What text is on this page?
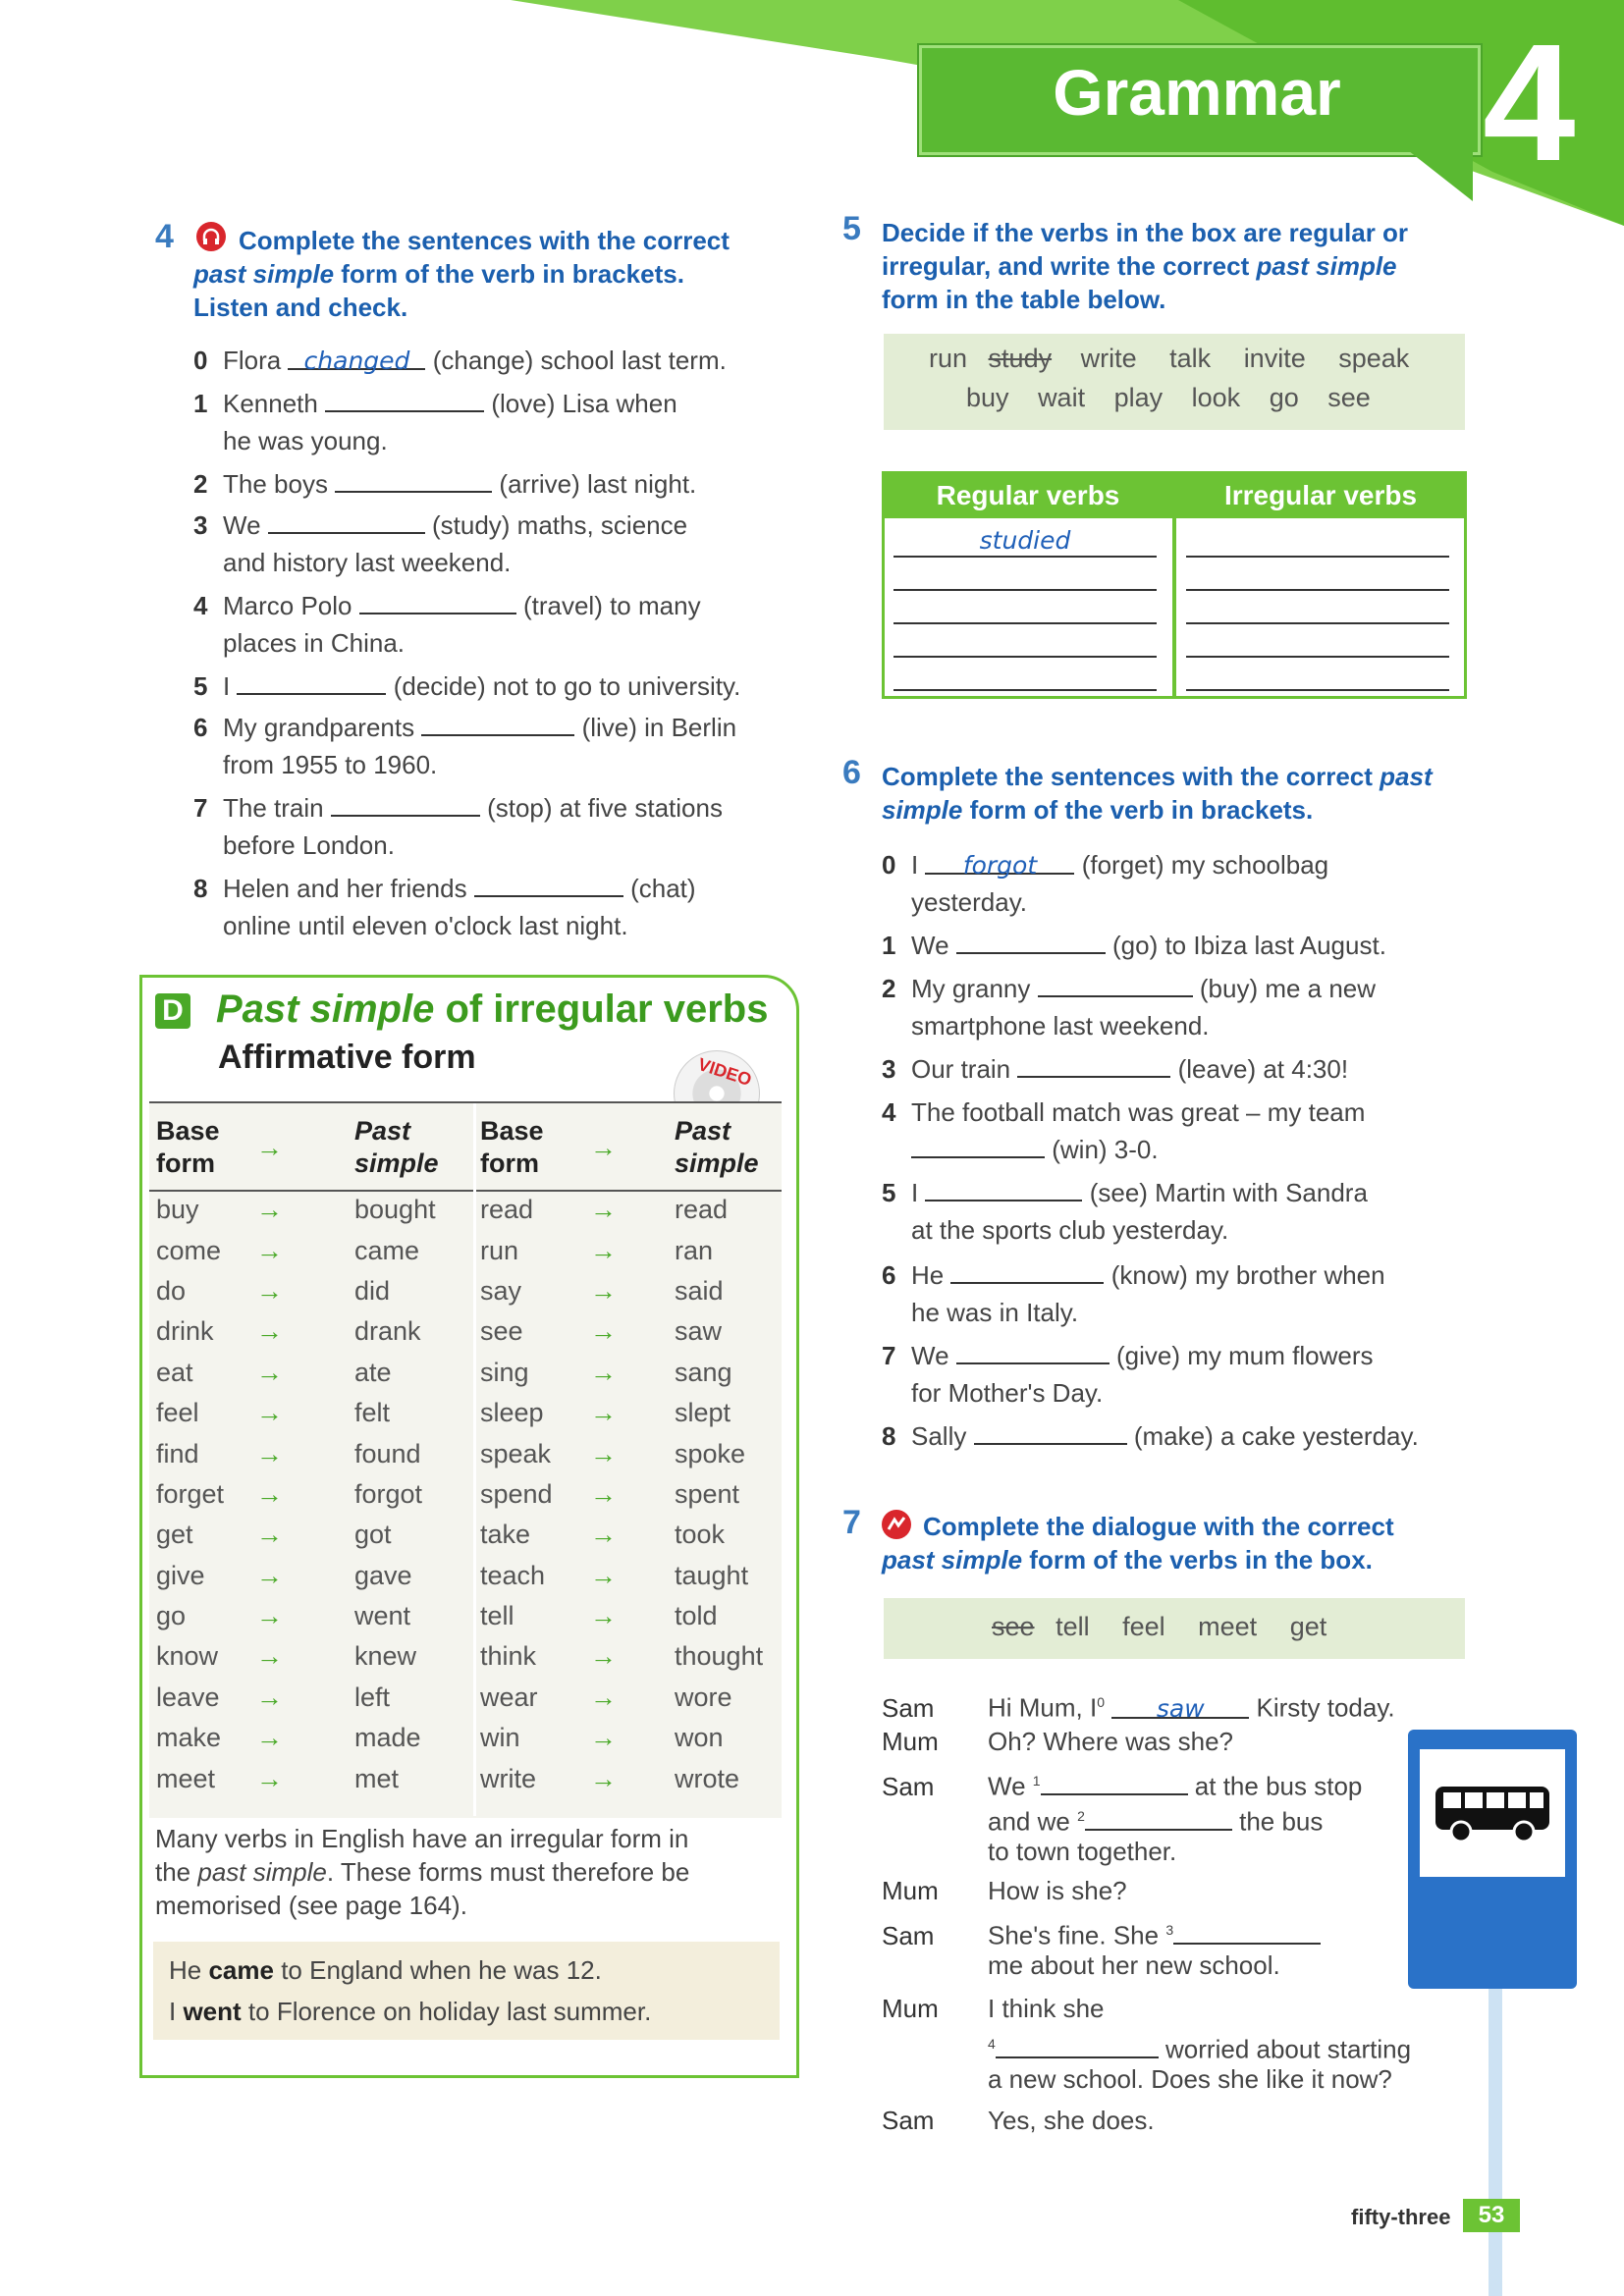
Grammar 4
4	Complete the sentences with the correct
past simple form of the verb in brackets.
Listen and check.
0 Flora changed (change) school last term.
1 Kenneth	(love) Lisa when
he was young.
2 The boys	(arrive) last night.
3 We	(study) maths, science
and history last weekend.
4 Marco Polo	(travel) to many
places in China.
5 I	(decide) not to go to university.
6 My grandparents	(live) in Berlin
from 1955 to 1960.
7 The train	(stop) at five stations
before London.
8 Helen and her friends	(chat)
online until eleven o'clock last night.
D Past simple of irregular verbs
Affirmative form	VIDEO
Base
form	→	Past
simple
buy	→	bought
come	→	came
do	→	did
drink	→	drank
eat	→	ate
feel	→	felt
find	→	found
forget	→	forgot
get	→	got
give	→	gave
go	→	went
know	→	knew
leave	→	left
make	→	made
meet	→	met
Base
form	→	Past
simple
read	→	read
run	→	ran
say	→	said
see	→	saw
sing	→	sang
sleep	→	slept
speak	→	spoke
spend	→	spent
take	→	took
teach	→	taught
tell	→	told
think	→	thought
wear	→	wore
win	→	won
write	→	wrote
Many verbs in English have an irregular form in
the past simple. These forms must therefore be
memorised (see page 164).
He came to England when he was 12.
I went to Florence on holiday last summer.
5 Decide if the verbs in the box are regular or
irregular, and write the correct past simple
form in the table below.
run study write talk invite speak
buy wait play look go see
Regular verbs	Irregular verbs
studied
6 Complete the sentences with the correct past
simple form of the verb in brackets.
0 I forgot (forget) my schoolbag
yesterday.
1 We	(go) to Ibiza last August.
2 My granny	(buy) me a new
smartphone last weekend.
3 Our train	(leave) at 4:30!
4 The football match was great – my team
(win) 3-0.
5 I	(see) Martin with Sandra
at the sports club yesterday.
6 He	(know) my brother when
he was in Italy.
7 We	(give) my mum flowers
for Mother's Day.
8 Sally	(make) a cake yesterday.
7	Complete the dialogue with the correct
past simple form of the verbs in the box.
see tell feel meet get
Sam Hi Mum, $I^0$ saw Kirsty today.
Mum Oh? Where was she?
Sam We $^1$	at the bus stop
and we $^2$	the bus
to town together.
Mum How is she?
Sam She's fine. She $^3$
me about her new school.
Mum I think she
$^4$	worried about starting
a new school. Does she like it now?
Sam Yes, she does.
fifty-three	53
